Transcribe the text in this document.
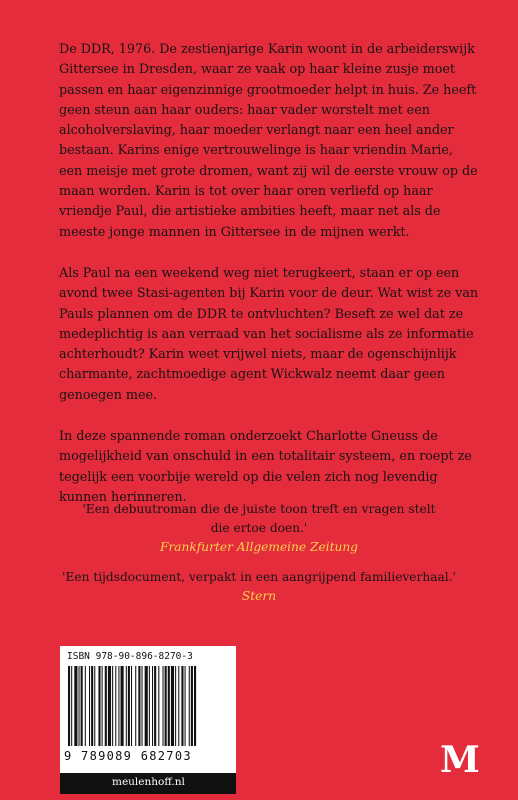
De DDR, 1976. De zestienjarige Karin woont in de arbeiderswijk Gittersee in Dresden, waar ze vaak op haar kleine zusje moet passen en haar eigenzinnige grootmoeder helpt in huis. Ze heeft geen steun aan haar ouders: haar vader worstelt met een alcoholverslaving, haar moeder verlangt naar een heel ander bestaan. Karins enige vertrouwelinge is haar vriendin Marie, een meisje met grote dromen, want zij wil de eerste vrouw op de maan worden. Karin is tot over haar oren verliefd op haar vriendje Paul, die artistieke ambities heeft, maar net als de meeste jonge mannen in Gittersee in de mijnen werkt.

Als Paul na een weekend weg niet terugkeert, staan er op een avond twee Stasi-agenten bij Karin voor de deur. Wat wist ze van Pauls plannen om de DDR te ontvluchten? Beseft ze wel dat ze medeplichtig is aan verraad van het socialisme als ze informatie achterhoudt? Karin weet vrijwel niets, maar de ogenschijnlijk charmante, zachtmoedige agent Wickwalz neemt daar geen genoegen mee.

In deze spannende roman onderzoekt Charlotte Gneuss de mogelijkheid van onschuld in een totalitair systeem, en roept ze tegelijk een voorbije wereld op die velen zich nog levendig kunnen herinneren.

'Een debuutroman die de juiste toon treft en vragen stelt die ertoe doen.'
Frankfurter Allgemeine Zeitung
'Een tijdsdocument, verpakt in een aangrijpend familieverhaal.'
Stern
ISBN 978-90-896-8270-3
9 789089 682703
meulenhoff.nl
M
